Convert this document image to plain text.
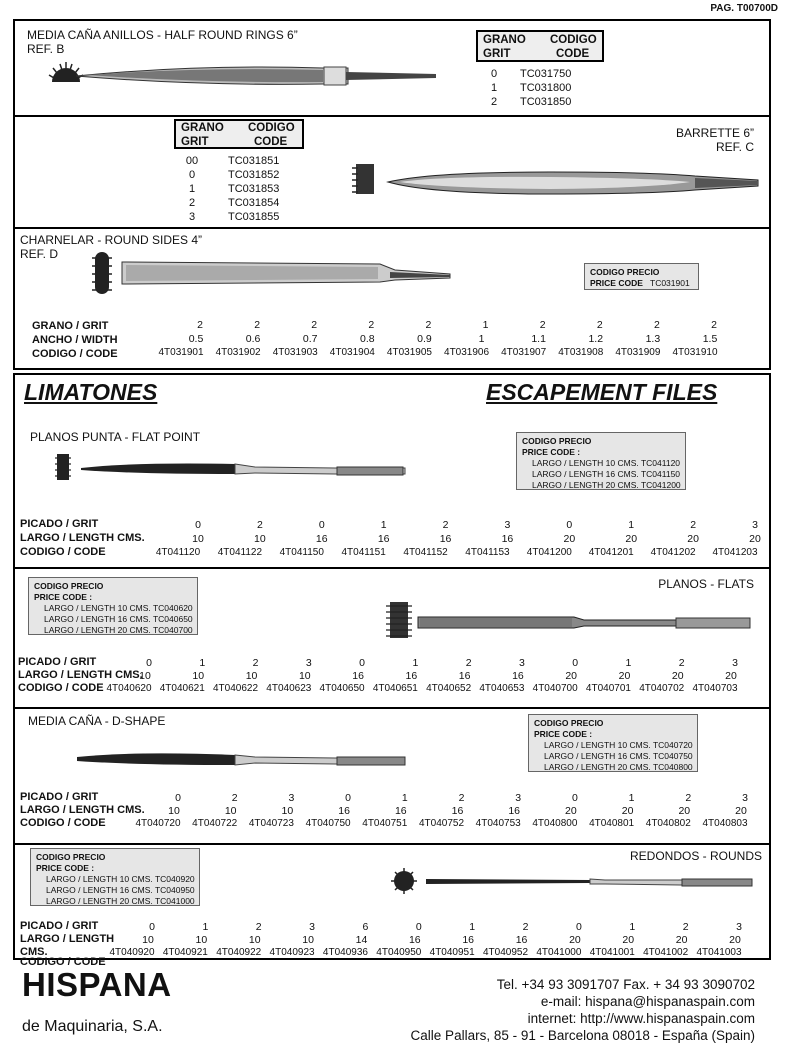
PAG. T00700D
MEDIA CAÑA ANILLOS - HALF ROUND RINGS 6”
REF. B
GRANO
GRIT
CODIGO
CODE
0 TC031750
1 TC031800
2 TC031850
GRANO
GRIT
CODIGO
CODE
00	TC031851
0	TC031852
1	TC031853
2	TC031854
3	TC031855
BARRETTE 6”
REF. C
CHARNELAR - ROUND SIDES 4”
REF. D
CODIGO PRECIO
PRICE CODE TC031901
GRANO / GRIT
ANCHO / WIDTH
CODIGO / CODE
2	2	2	2	2	1	2	2	2	2
0.5	0.6	0.7	0.8	0.9	1	1.1	1.2	1.3	1.5
4T031901	4T031902	4T031903	4T031904	4T031905	4T031906	4T031907	4T031908	4T031909	4T031910
LIMATONES	ESCAPEMENT FILES
PLANOS PUNTA - FLAT POINT	CODIGO PRECIO
PRICE CODE :
LARGO / LENGTH 10 CMS. TC041120
LARGO / LENGTH 16 CMS. TC041150
LARGO / LENGTH 20 CMS. TC041200
PICADO / GRIT
LARGO / LENGTH CMS.
CODIGO / CODE
0	2	0	1	2	3	0	1	2	3
10	10	16	16	16	16	20	20	20	20
4T041120	4T041122	4T041150	4T041151	4T041152	4T041153	4T041200	4T041201	4T041202	4T041203
CODIGO PRECIO
PRICE CODE :
LARGO / LENGTH 10 CMS. TC040620
LARGO / LENGTH 16 CMS. TC040650
LARGO / LENGTH 20 CMS. TC040700
PLANOS - FLATS
PICADO / GRIT
LARGO / LENGTH CMS.
CODIGO / CODE
0	1	2	3	0	1	2	3	0	1	2	3
10	10	10	10	16	16	16	16	20	20	20	20
4T040620 4T040621 4T040622 4T040623 4T040650 4T040651 4T040652 4T040653 4T040700 4T040701 4T040702 4T040703
MEDIA CAÑA - D-SHAPE	CODIGO PRECIO
PRICE CODE :
LARGO / LENGTH 10 CMS. TC040720
LARGO / LENGTH 16 CMS. TC040750
LARGO / LENGTH 20 CMS. TC040800
PICADO / GRIT
LARGO / LENGTH CMS.
CODIGO / CODE
0	2	3	0	1	2	3	0	1	2	3
10	10	10	16	16	16	16	20	20	20	20
4T040720	4T040722	4T040723	4T040750	4T040751	4T040752	4T040753	4T040800	4T040801	4T040802	4T040803
CODIGO PRECIO
PRICE CODE :
LARGO / LENGTH 10 CMS. TC040920
LARGO / LENGTH 16 CMS. TC040950
LARGO / LENGTH 20 CMS. TC041000
REDONDOS - ROUNDS
PICADO / GRIT
LARGO / LENGTH
CMS.
CODIGO / CODE
0	1	2	3	6	0	1	2	0	1	2	3
10	10	10	10	14	16	16	16	20	20	20	20
4T040920 4T040921 4T040922 4T040923 4T040936 4T040950 4T040951 4T040952 4T041000 4T041001 4T041002 4T041003
HISPANA
de Maquinaria, S.A.
Tel. +34 93 3091707 Fax. + 34 93 3090702
e-mail: hispana@hispanaspain.com
internet: http://www.hispanaspain.com
Calle Pallars, 85 - 91 - Barcelona 08018 - España (Spain)
